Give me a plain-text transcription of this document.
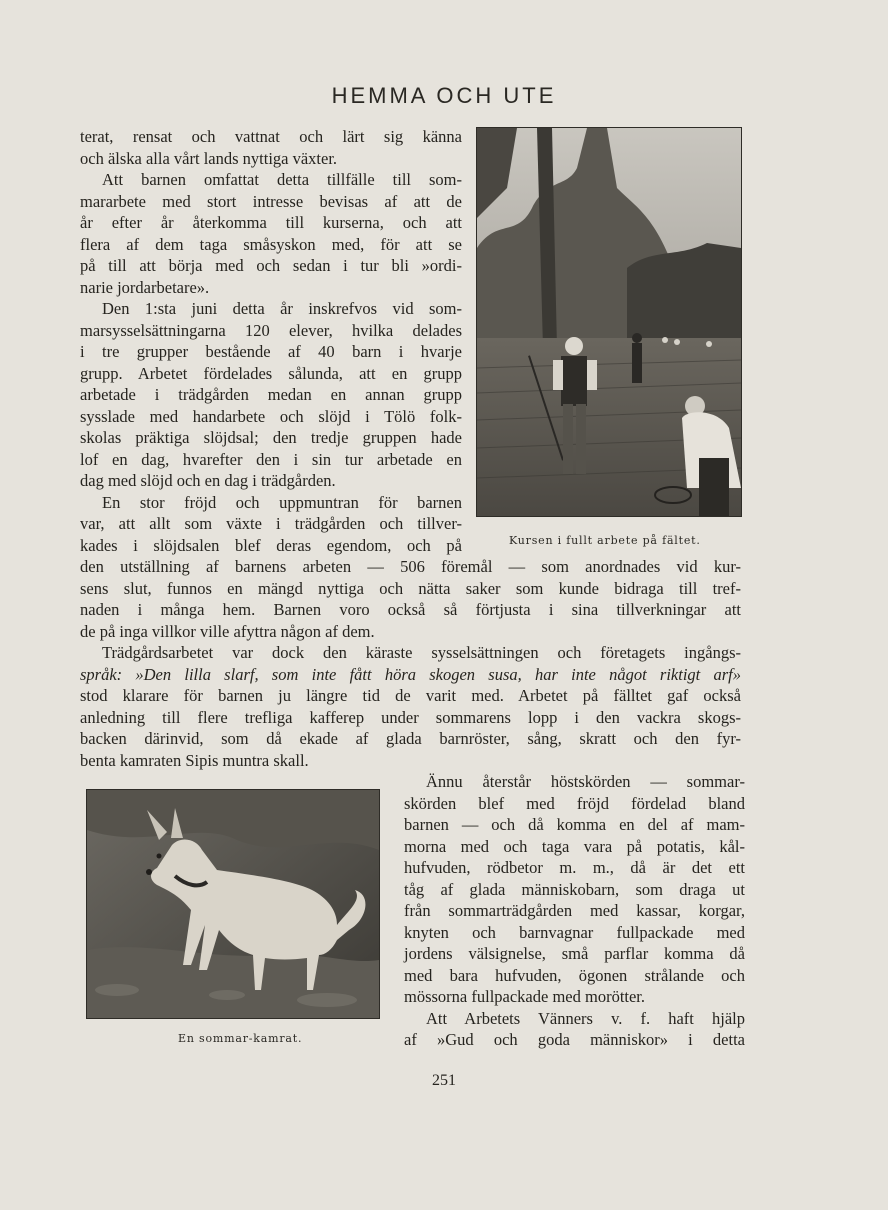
HEMMA OCH UTE

terat, rensat och vattnat och lärt sig känna

och älska alla vårt lands nyttiga växter.

Att barnen omfattat detta tillfälle till som-

mararbete med stort intresse bevisas af att de

år efter år återkomma till kurserna, och att

flera af dem taga småsyskon med, för att se

på till att börja med och sedan i tur bli »ordi-

narie jordarbetare».

Den 1:sta juni detta år inskrefvos vid som-

marsysselsättningarna 120 elever, hvilka delades

i tre grupper bestående af 40 barn i hvarje

grupp. Arbetet fördelades sålunda, att en grupp

arbetade i trädgården medan en annan grupp

sysslade med handarbete och slöjd i Tölö folk-

skolas präktiga slöjdsal; den tredje gruppen hade

lof en dag, hvarefter den i sin tur arbetade en

dag med slöjd och en dag i trädgården.

En stor fröjd och uppmuntran för barnen

var, att allt som växte i trädgården och tillver-

kades i slöjdsalen blef deras egendom, och på	Kursen i fullt arbete på fältet.

den utställning af barnens arbeten — 506 föremål — som anordnades vid kur-

sens slut, funnos en mängd nyttiga och nätta saker som kunde bidraga till tref-

naden i många hem. Barnen voro också så förtjusta i sina tillverkningar att

de på inga villkor ville afyttra någon af dem.

Trädgårdsarbetet var dock den käraste sysselsättningen och företagets ingångs-

språk: »Den lilla slarf, som inte fått höra skogen susa, har inte något riktigt arf»

stod klarare för barnen ju längre tid de varit med. Arbetet på fälltet gaf också

anledning till flere trefliga kafferep under sommarens lopp i den vackra skogs-

backen därinvid, som då ekade af glada barnröster, sång, skratt och den fyr-

benta kamraten Sipis muntra skall.

En sommar-kamrat.

Ännu återstår höstskörden — sommar-

skörden blef med fröjd fördelad bland

barnen — och då komma en del af mam-

morna med och taga vara på potatis, kål-

hufvuden, rödbetor m. m., då är det ett

tåg af glada människobarn, som draga ut

från sommarträdgården med kassar, korgar,

knyten och barnvagnar fullpackade med

jordens välsignelse, små parflar komma då

med bara hufvuden, ögonen strålande och

mössorna fullpackade med morötter.

Att Arbetets Vänners v. f. haft hjälp

af »Gud och goda människor» i detta

251
